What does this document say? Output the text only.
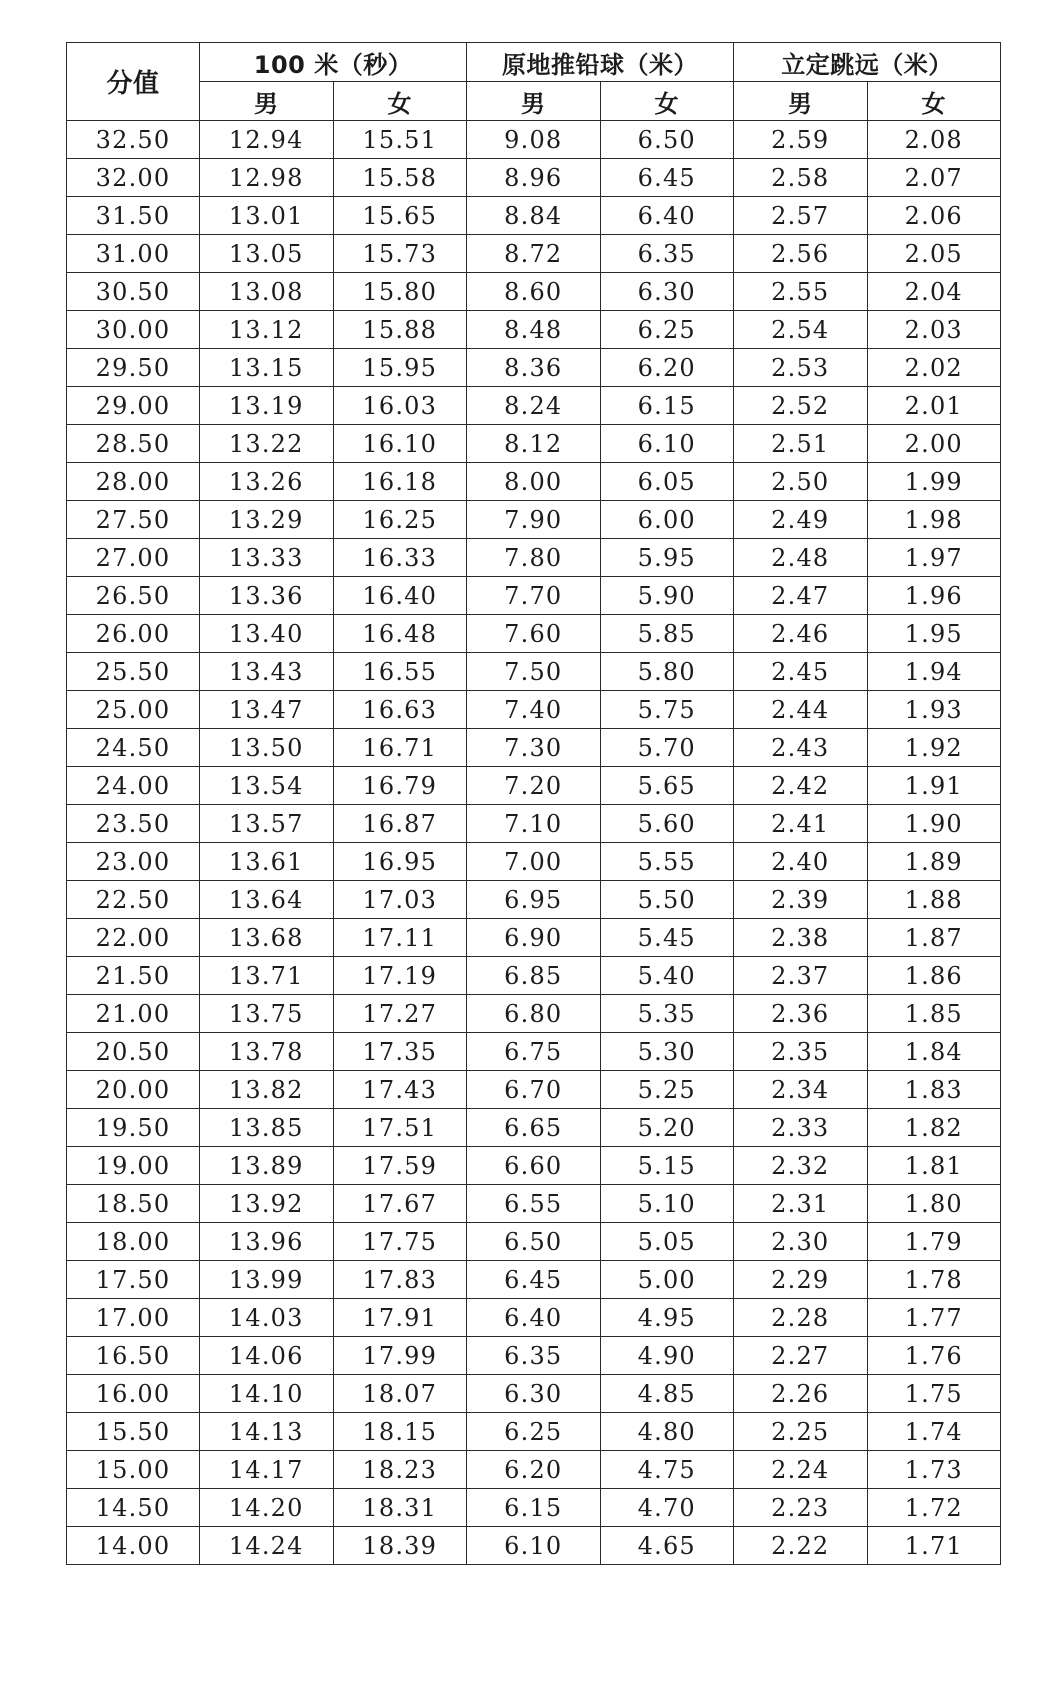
分值	100 米（秒）		原地推铅球（米）		立定跳远（米）	
	男	女	男	女	男	女
32.50	12.94	15.51	9.08	6.50	2.59	2.08
32.00	12.98	15.58	8.96	6.45	2.58	2.07
31.50	13.01	15.65	8.84	6.40	2.57	2.06
31.00	13.05	15.73	8.72	6.35	2.56	2.05
30.50	13.08	15.80	8.60	6.30	2.55	2.04
30.00	13.12	15.88	8.48	6.25	2.54	2.03
29.50	13.15	15.95	8.36	6.20	2.53	2.02
29.00	13.19	16.03	8.24	6.15	2.52	2.01
28.50	13.22	16.10	8.12	6.10	2.51	2.00
28.00	13.26	16.18	8.00	6.05	2.50	1.99
27.50	13.29	16.25	7.90	6.00	2.49	1.98
27.00	13.33	16.33	7.80	5.95	2.48	1.97
26.50	13.36	16.40	7.70	5.90	2.47	1.96
26.00	13.40	16.48	7.60	5.85	2.46	1.95
25.50	13.43	16.55	7.50	5.80	2.45	1.94
25.00	13.47	16.63	7.40	5.75	2.44	1.93
24.50	13.50	16.71	7.30	5.70	2.43	1.92
24.00	13.54	16.79	7.20	5.65	2.42	1.91
23.50	13.57	16.87	7.10	5.60	2.41	1.90
23.00	13.61	16.95	7.00	5.55	2.40	1.89
22.50	13.64	17.03	6.95	5.50	2.39	1.88
22.00	13.68	17.11	6.90	5.45	2.38	1.87
21.50	13.71	17.19	6.85	5.40	2.37	1.86
21.00	13.75	17.27	6.80	5.35	2.36	1.85
20.50	13.78	17.35	6.75	5.30	2.35	1.84
20.00	13.82	17.43	6.70	5.25	2.34	1.83
19.50	13.85	17.51	6.65	5.20	2.33	1.82
19.00	13.89	17.59	6.60	5.15	2.32	1.81
18.50	13.92	17.67	6.55	5.10	2.31	1.80
18.00	13.96	17.75	6.50	5.05	2.30	1.79
17.50	13.99	17.83	6.45	5.00	2.29	1.78
17.00	14.03	17.91	6.40	4.95	2.28	1.77
16.50	14.06	17.99	6.35	4.90	2.27	1.76
16.00	14.10	18.07	6.30	4.85	2.26	1.75
15.50	14.13	18.15	6.25	4.80	2.25	1.74
15.00	14.17	18.23	6.20	4.75	2.24	1.73
14.50	14.20	18.31	6.15	4.70	2.23	1.72
14.00	14.24	18.39	6.10	4.65	2.22	1.71
